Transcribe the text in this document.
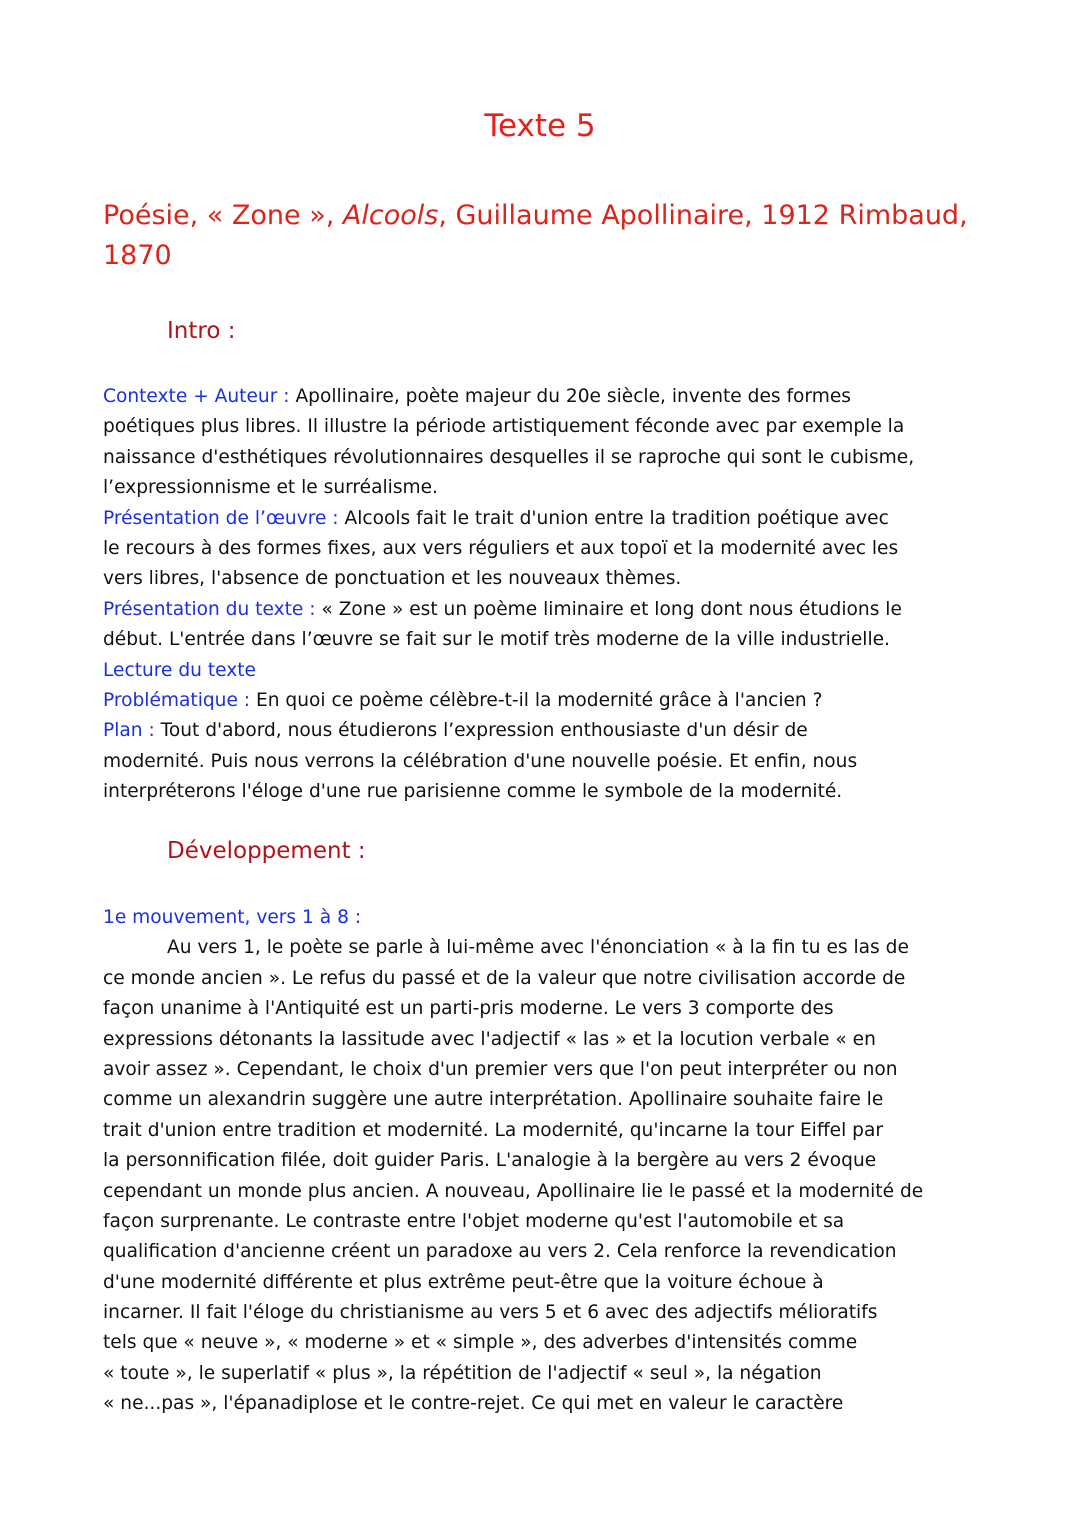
Texte 5
Poésie, « Zone », Alcools, Guillaume Apollinaire, 1912 Rimbaud,
1870
Intro :
Contexte + Auteur : Apollinaire, poète majeur du 20e siècle, invente des formes
poétiques plus libres. Il illustre la période artistiquement féconde avec par exemple la
naissance d'esthétiques révolutionnaires desquelles il se raproche qui sont le cubisme,
l’expressionnisme et le surréalisme.
Présentation de l’œuvre : Alcools fait le trait d'union entre la tradition poétique avec
le recours à des formes fixes, aux vers réguliers et aux topoï et la modernité avec les
vers libres, l'absence de ponctuation et les nouveaux thèmes.
Présentation du texte : « Zone » est un poème liminaire et long dont nous étudions le
début. L'entrée dans l’œuvre se fait sur le motif très moderne de la ville industrielle.
Lecture du texte
Problématique : En quoi ce poème célèbre-t-il la modernité grâce à l'ancien ?
Plan : Tout d'abord, nous étudierons l’expression enthousiaste d'un désir de
modernité. Puis nous verrons la célébration d'une nouvelle poésie. Et enfin, nous
interpréterons l'éloge d'une rue parisienne comme le symbole de la modernité.
Développement :
1e mouvement, vers 1 à 8 :
Au vers 1, le poète se parle à lui-même avec l'énonciation « à la fin tu es las de
ce monde ancien ». Le refus du passé et de la valeur que notre civilisation accorde de
façon unanime à l'Antiquité est un parti-pris moderne. Le vers 3 comporte des
expressions détonants la lassitude avec l'adjectif « las » et la locution verbale « en
avoir assez ». Cependant, le choix d'un premier vers que l'on peut interpréter ou non
comme un alexandrin suggère une autre interprétation. Apollinaire souhaite faire le
trait d'union entre tradition et modernité. La modernité, qu'incarne la tour Eiffel par
la personnification filée, doit guider Paris. L'analogie à la bergère au vers 2 évoque
cependant un monde plus ancien. A nouveau, Apollinaire lie le passé et la modernité de
façon surprenante. Le contraste entre l'objet moderne qu'est l'automobile et sa
qualification d'ancienne créent un paradoxe au vers 2. Cela renforce la revendication
d'une modernité différente et plus extrême peut-être que la voiture échoue à
incarner. Il fait l'éloge du christianisme au vers 5 et 6 avec des adjectifs mélioratifs
tels que « neuve », « moderne » et « simple », des adverbes d'intensités comme
« toute », le superlatif « plus », la répétition de l'adjectif « seul », la négation
« ne...pas », l'épanadiplose et le contre-rejet. Ce qui met en valeur le caractère
